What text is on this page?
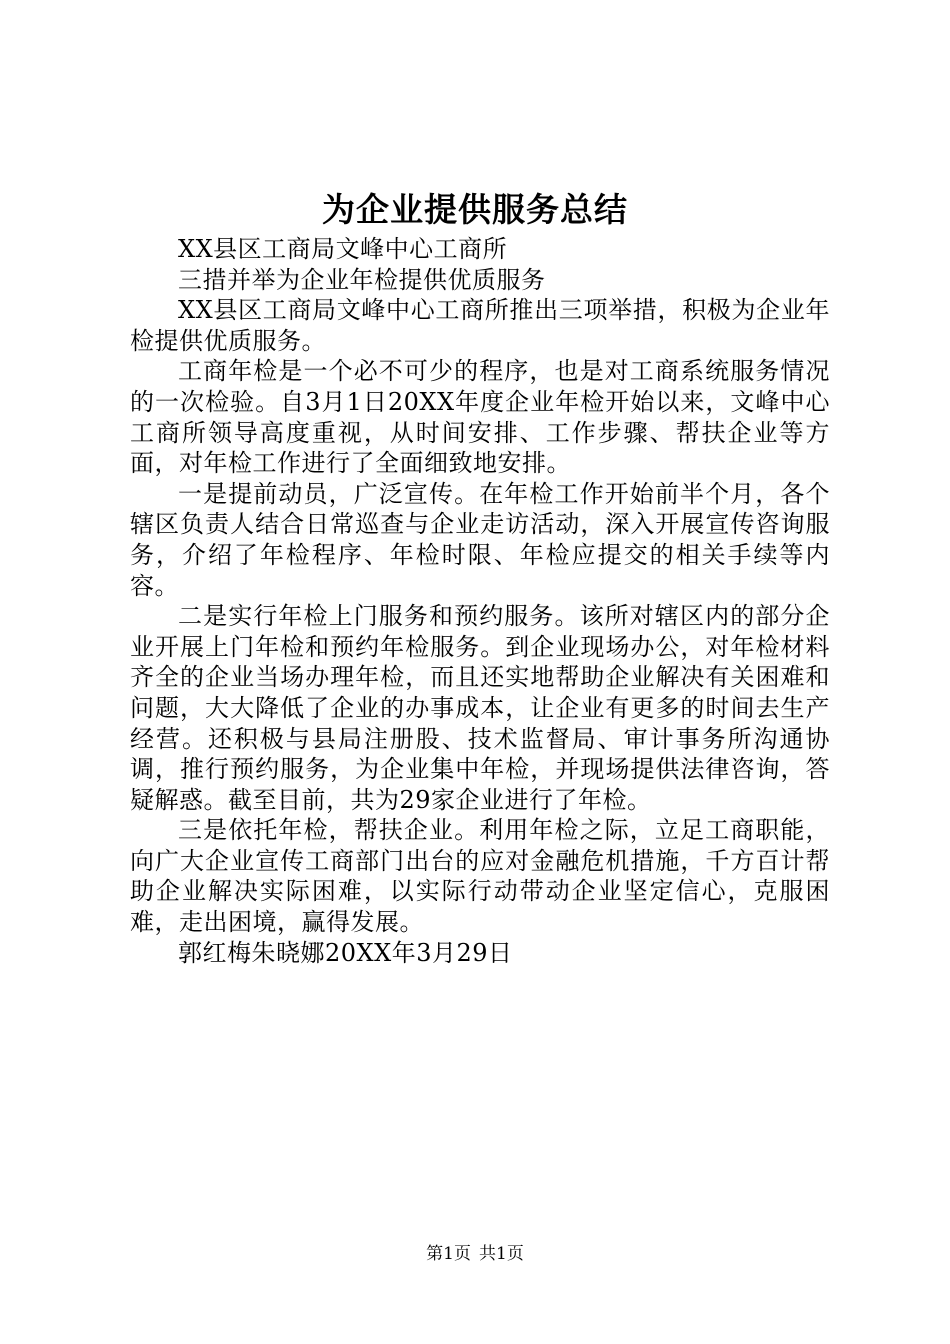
为企业提供服务总结

XX县区工商局文峰中心工商所

三措并举为企业年检提供优质服务

XX县区工商局文峰中心工商所推出三项举措，积极为企业年检提供优质服务。

工商年检是一个必不可少的程序，也是对工商系统服务情况的一次检验。自3月1日20XX年度企业年检开始以来，文峰中心工商所领导高度重视，从时间安排、工作步骤、帮扶企业等方面，对年检工作进行了全面细致地安排。

一是提前动员，广泛宣传。在年检工作开始前半个月，各个辖区负责人结合日常巡查与企业走访活动，深入开展宣传咨询服务，介绍了年检程序、年检时限、年检应提交的相关手续等内容。

二是实行年检上门服务和预约服务。该所对辖区内的部分企业开展上门年检和预约年检服务。到企业现场办公，对年检材料齐全的企业当场办理年检，而且还实地帮助企业解决有关困难和问题，大大降低了企业的办事成本，让企业有更多的时间去生产经营。还积极与县局注册股、技术监督局、审计事务所沟通协调，推行预约服务，为企业集中年检，并现场提供法律咨询，答疑解惑。截至目前，共为29家企业进行了年检。

三是依托年检，帮扶企业。利用年检之际，立足工商职能，向广大企业宣传工商部门出台的应对金融危机措施，千方百计帮助企业解决实际困难，以实际行动带动企业坚定信心，克服困难，走出困境，赢得发展。

郭红梅朱晓娜20XX年3月29日

第1页 共1页
